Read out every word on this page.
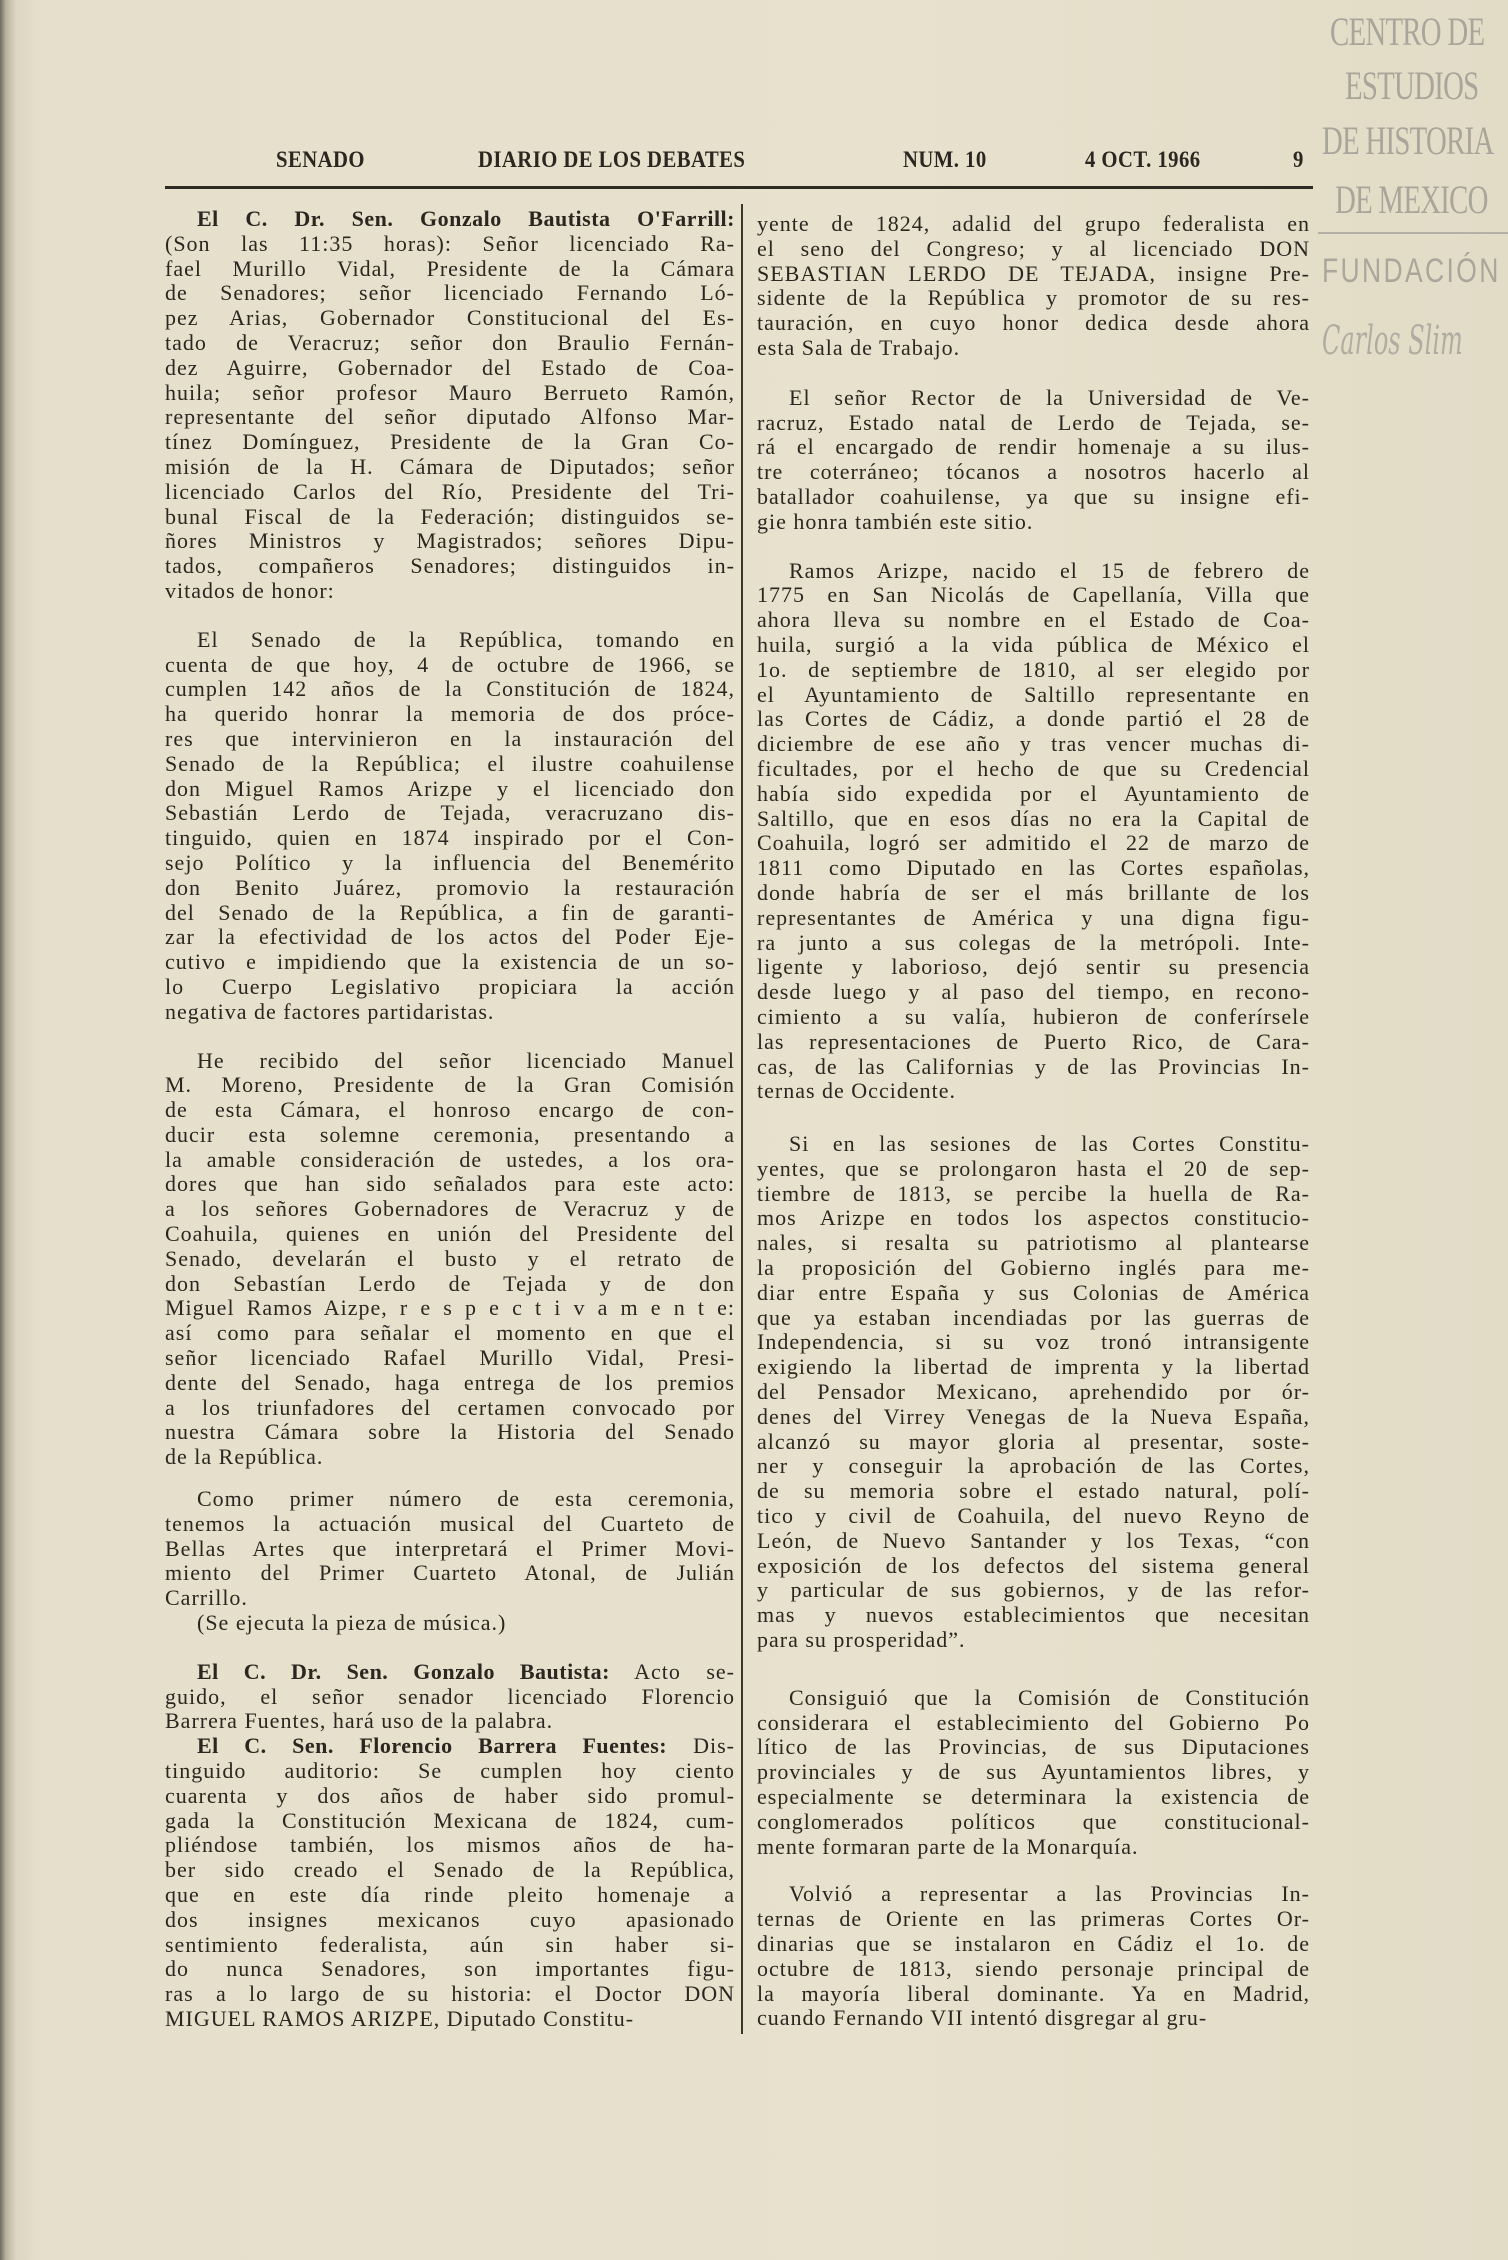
CENTRO DE
ESTUDIOS
DE HISTORIA
DE MEXICO
FUNDACIÓN
Carlos Slim
SENADO	DIARIO DE LOS DEBATES	NUM. 10	4 OCT. 1966	9
El C. Dr. Sen. Gonzalo Bautista O'Farrill:
(Son las 11:35 horas): Señor licenciado Ra-
fael Murillo Vidal, Presidente de la Cámara
de Senadores; señor licenciado Fernando Ló-
pez Arias, Gobernador Constitucional del Es-
tado de Veracruz; señor don Braulio Fernán-
dez Aguirre, Gobernador del Estado de Coa-
huila; señor profesor Mauro Berrueto Ramón,
representante del señor diputado Alfonso Mar-
tínez Domínguez, Presidente de la Gran Co-
misión de la H. Cámara de Diputados; señor
licenciado Carlos del Río, Presidente del Tri-
bunal Fiscal de la Federación; distinguidos se-
ñores Ministros y Magistrados; señores Dipu-
tados, compañeros Senadores; distinguidos in-
vitados de honor:
El Senado de la República, tomando en
cuenta de que hoy, 4 de octubre de 1966, se
cumplen 142 años de la Constitución de 1824,
ha querido honrar la memoria de dos próce-
res que intervinieron en la instauración del
Senado de la República; el ilustre coahuilense
don Miguel Ramos Arizpe y el licenciado don
Sebastián Lerdo de Tejada, veracruzano dis-
tinguido, quien en 1874 inspirado por el Con-
sejo Político y la influencia del Benemérito
don Benito Juárez, promovio la restauración
del Senado de la República, a fin de garanti-
zar la efectividad de los actos del Poder Eje-
cutivo e impidiendo que la existencia de un so-
lo Cuerpo Legislativo propiciara la acción
negativa de factores partidaristas.
He recibido del señor licenciado Manuel
M. Moreno, Presidente de la Gran Comisión
de esta Cámara, el honroso encargo de con-
ducir esta solemne ceremonia, presentando a
la amable consideración de ustedes, a los ora-
dores que han sido señalados para este acto:
a los señores Gobernadores de Veracruz y de
Coahuila, quienes en unión del Presidente del
Senado, develarán el busto y el retrato de
don Sebastían Lerdo de Tejada y de don
Miguel Ramos Aizpe, r e s p e c t i v a m e n t e:
así como para señalar el momento en que el
señor licenciado Rafael Murillo Vidal, Presi-
dente del Senado, haga entrega de los premios
a los triunfadores del certamen convocado por
nuestra Cámara sobre la Historia del Senado
de la República.
Como primer número de esta ceremonia,
tenemos la actuación musical del Cuarteto de
Bellas Artes que interpretará el Primer Movi-
miento del Primer Cuarteto Atonal, de Julián
Carrillo.
(Se ejecuta la pieza de música.)
El C. Dr. Sen. Gonzalo Bautista: Acto se-
guido, el señor senador licenciado Florencio
Barrera Fuentes, hará uso de la palabra.
El C. Sen. Florencio Barrera Fuentes: Dis-
tinguido auditorio: Se cumplen hoy ciento
cuarenta y dos años de haber sido promul-
gada la Constitución Mexicana de 1824, cum-
pliéndose también, los mismos años de ha-
ber sido creado el Senado de la República,
que en este día rinde pleito homenaje a
dos insignes mexicanos cuyo apasionado
sentimiento federalista, aún sin haber si-
do nunca Senadores, son importantes figu-
ras a lo largo de su historia: el Doctor DON
MIGUEL RAMOS ARIZPE, Diputado Constitu-
yente de 1824, adalid del grupo federalista en
el seno del Congreso; y al licenciado DON
SEBASTIAN LERDO DE TEJADA, insigne Pre-
sidente de la República y promotor de su res-
tauración, en cuyo honor dedica desde ahora
esta Sala de Trabajo.
El señor Rector de la Universidad de Ve-
racruz, Estado natal de Lerdo de Tejada, se-
rá el encargado de rendir homenaje a su ilus-
tre coterráneo; tócanos a nosotros hacerlo al
batallador coahuilense, ya que su insigne efi-
gie honra también este sitio.
Ramos Arizpe, nacido el 15 de febrero de
1775 en San Nicolás de Capellanía, Villa que
ahora lleva su nombre en el Estado de Coa-
huila, surgió a la vida pública de México el
1o. de septiembre de 1810, al ser elegido por
el Ayuntamiento de Saltillo representante en
las Cortes de Cádiz, a donde partió el 28 de
diciembre de ese año y tras vencer muchas di-
ficultades, por el hecho de que su Credencial
había sido expedida por el Ayuntamiento de
Saltillo, que en esos días no era la Capital de
Coahuila, logró ser admitido el 22 de marzo de
1811 como Diputado en las Cortes españolas,
donde habría de ser el más brillante de los
representantes de América y una digna figu-
ra junto a sus colegas de la metrópoli. Inte-
ligente y laborioso, dejó sentir su presencia
desde luego y al paso del tiempo, en recono-
cimiento a su valía, hubieron de conferírsele
las representaciones de Puerto Rico, de Cara-
cas, de las Californias y de las Provincias In-
ternas de Occidente.
Si en las sesiones de las Cortes Constitu-
yentes, que se prolongaron hasta el 20 de sep-
tiembre de 1813, se percibe la huella de Ra-
mos Arizpe en todos los aspectos constitucio-
nales, si resalta su patriotismo al plantearse
la proposición del Gobierno inglés para me-
diar entre España y sus Colonias de América
que ya estaban incendiadas por las guerras de
Independencia, si su voz tronó intransigente
exigiendo la libertad de imprenta y la libertad
del Pensador Mexicano, aprehendido por ór-
denes del Virrey Venegas de la Nueva España,
alcanzó su mayor gloria al presentar, soste-
ner y conseguir la aprobación de las Cortes,
de su memoria sobre el estado natural, polí-
tico y civil de Coahuila, del nuevo Reyno de
León, de Nuevo Santander y los Texas, “con
exposición de los defectos del sistema general
y particular de sus gobiernos, y de las refor-
mas y nuevos establecimientos que necesitan
para su prosperidad”.
Consiguió que la Comisión de Constitución
considerara el establecimiento del Gobierno Po
lítico de las Provincias, de sus Diputaciones
provinciales y de sus Ayuntamientos libres, y
especialmente se determinara la existencia de
conglomerados políticos que constitucional-
mente formaran parte de la Monarquía.
Volvió a representar a las Provincias In-
ternas de Oriente en las primeras Cortes Or-
dinarias que se instalaron en Cádiz el 1o. de
octubre de 1813, siendo personaje principal de
la mayoría liberal dominante. Ya en Madrid,
cuando Fernando VII intentó disgregar al gru-
